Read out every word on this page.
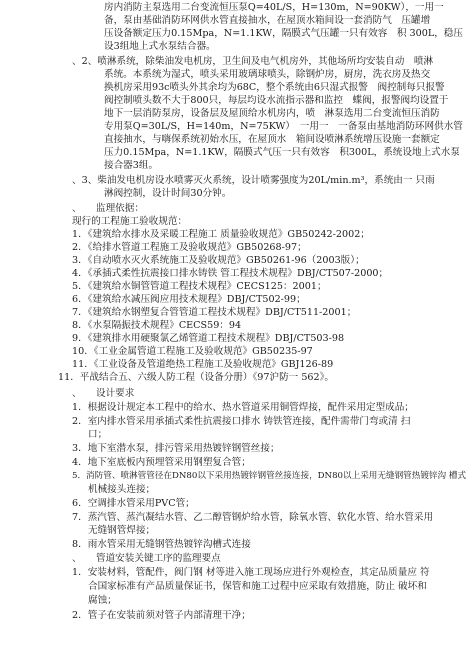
房内消防主泵选用二台变流恒压泵Q=40L/S，H=130m，N=90KW），一用一

备，泵由基础消防环网供水管直接抽水，在屋顶水箱间设一套消防气　压罐增

压设备额定压力0.15Mpa，N=1.1KW，隔膜式气压罐一只有效容　积 300L，稳压

设3组地上式水泵结合器。

、2、喷淋系统，除柴油发电机房，卫生间及电气机房外，其他场所均安装自动　喷淋

系统。本系统为湿式，喷头采用玻璃球喷头，除钢炉房，厨房，洗衣房及热交

换机房采用93c喷头外其余均为68C，整个系统由6只湿式报警　阀控制每只报警

阀控制喷头数不大于800只，每层均设水流指示器和监控　蝶阀，报警阀均设置于

地下一层消防泵房，设备层及屋顶给水机房内，喷　淋泵选用二台变流恒压消防

专用泵Q=30L/S，H=140m，N=75KW）　一用一　一备泵由基地消防环网供水管

直接抽水，与嗨保系统初始水压，在屋顶水　箱间设喷淋系统增压设施一套额定

压力0.15Mpa，N=1.1KW，隔膜式气压一只有效容　积300L，系统设地上式水泵

接合器3组。

、3、柴油发电机房设水喷雾灭火系统，设计喷雾强度为20L/min.m³，系统由一 只雨

淋阀控制，设计时间30分钟。

、　　监理依据：

现行的工程施工验收规范：

1．《建筑给水排水及采暖工程施工 质量验收规范》GB50242-2002；

2．《给排水管道工程施工及验收规范》GB50268-97；

3．《自动喷水灭火系统施工及验收规范》GB50261-96（2003版）；

4．《承插式柔性抗震接口排水铸铁 管工程技术规程》DBJ/CT507-2000；

5．《建筑给水铜管管道工程技术规程》CECS125：2001；

6．《建筑给水减压阀应用技术规程》DBJ/CT502-99；

7．《建筑给水钢塑复合管管道工程技术规程》DBJ/CT511-2001；

8．《水泵隔振技术规程》CECS59：94

9．《建筑排水用硬聚氯乙烯管道工程技术规程》DBJ/CT503-98

10．《工业金属管道工程施工及验收规范》GB50235-97

11．《工业设备及管道绝热工程施工及验收规范》GBJ126-89

11．平战结合五、六级人防工程（设备分册）《97沪防一 562》。

、　　设计要求

1．根据设计规定本工程中的给水、热水管道采用铜管焊接，配件采用定型成品；

2．室内排水管采用承插式柔性抗震接口排水 铸铁管连接，配件需带门弯或清 扫

口；

3．地下室潜水泵，排污管采用热镀锌钢管丝接；

4．地下室底板内预埋管采用钢塑复合管；

5．消防管、喷淋管管径在DN80以下采用热镀锌钢管丝接连接，DN80以上采用无缝钢管热镀锌沟 槽式

机械接头连接；

6．空调排水管采用PVC管；

7．蒸汽管、蒸汽凝结水管、乙二醇管钢炉给水管，除氧水管、软化水管、给水管采用

无缝钢管焊接；

8．雨水管采用无缝钢管热镀锌沟槽式连接

、　　管道安装关键工序的监理要点

1．安装材料，管配件，阀门钢 材等进入施工现场应进行外观检查，其定品质量应 符

合国家标准有产品质量保证书，保管和施工过程中应采取有效措施，防止 破坏和

腐蚀；

2．管子在安装前须对管子内部清理干净；
